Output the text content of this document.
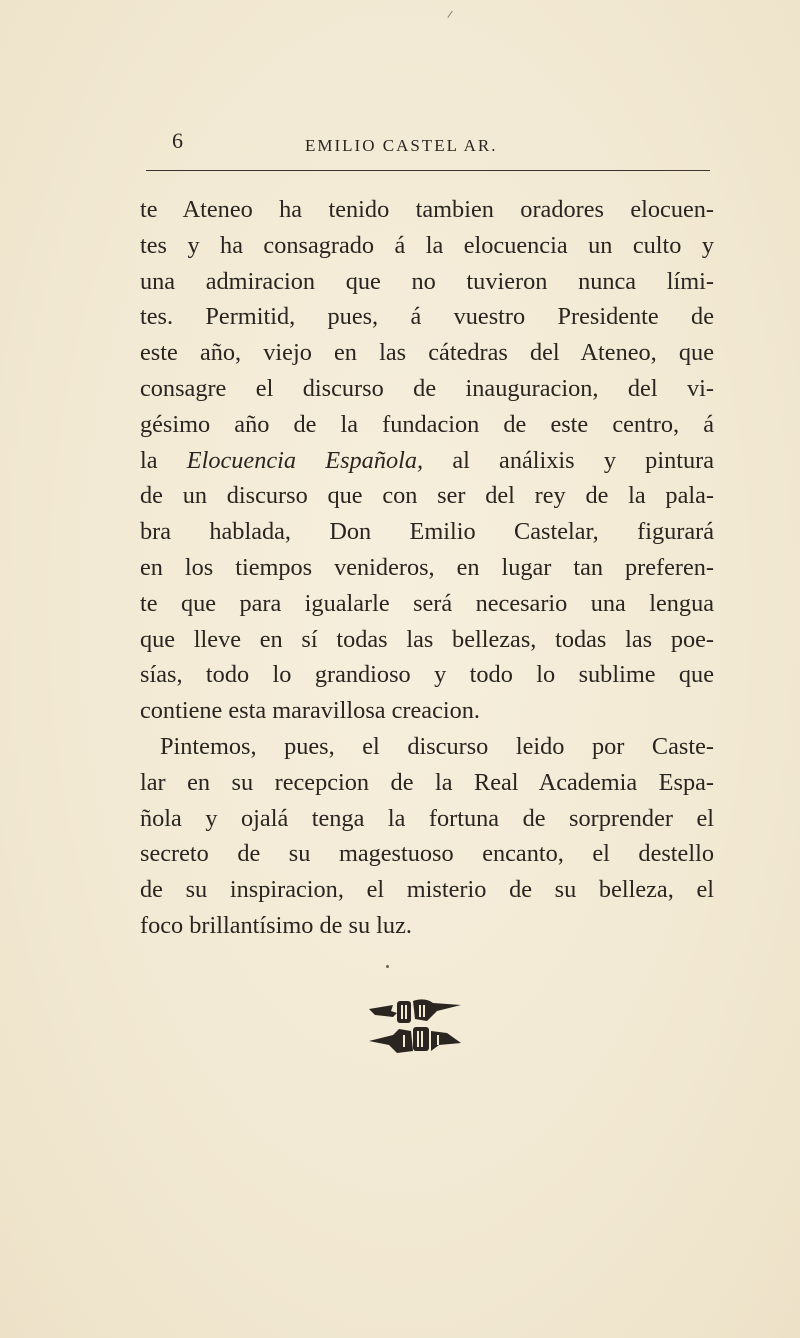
6	EMILIO CASTEL AR.
te Ateneo ha tenido tambien oradores elocuen-
tes y ha consagrado á la elocuencia un culto y
una admiracion que no tuvieron nunca lími-
tes. Permitid, pues, á vuestro Presidente de
este año, viejo en las cátedras del Ateneo, que
consagre el discurso de inauguracion, del vi-
gésimo año de la fundacion de este centro, á
la Elocuencia Española, al análixis y pintura
de un discurso que con ser del rey de la pala-
bra hablada, Don Emilio Castelar, figurará
en los tiempos venideros, en lugar tan preferen-
te que para igualarle será necesario una lengua
que lleve en sí todas las bellezas, todas las poe-
sías, todo lo grandioso y todo lo sublime que
contiene esta maravillosa creacion.
Pintemos, pues, el discurso leido por Caste-
lar en su recepcion de la Real Academia Espa-
ñola y ojalá tenga la fortuna de sorprender el
secreto de su magestuoso encanto, el destello
de su inspiracion, el misterio de su belleza, el
foco brillantísimo de su luz.
